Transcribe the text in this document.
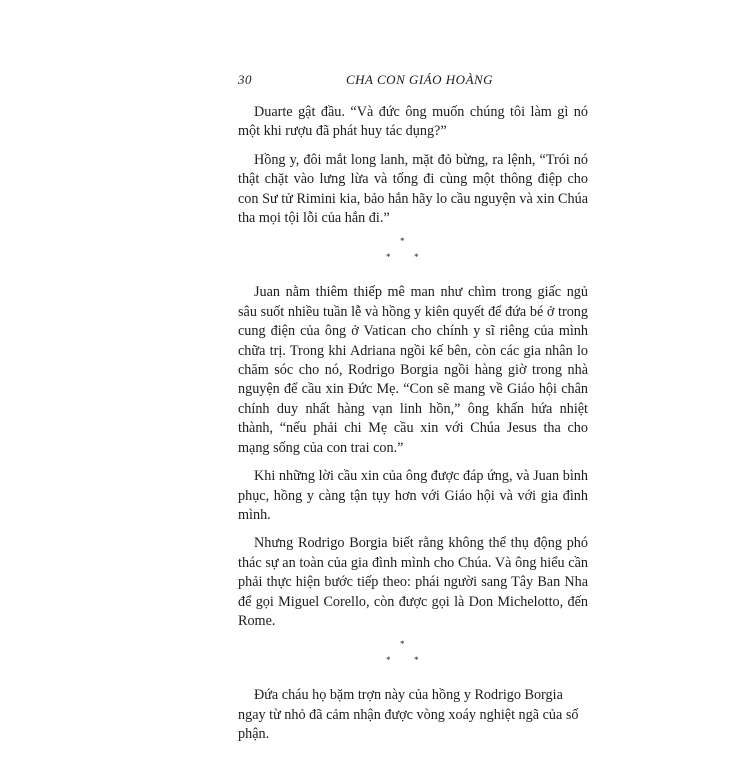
30	CHA CON GIÁO HOÀNG

Duarte gật đầu. “Và đức ông muốn chúng tôi làm gì nó một khi rượu đã phát huy tác dụng?”

Hồng y, đôi mắt long lanh, mặt đỏ bừng, ra lệnh, “Trói nó thật chặt vào lưng lừa và tống đi cùng một thông điệp cho con Sư tử Rimini kia, bảo hắn hãy lo cầu nguyện và xin Chúa tha mọi tội lỗi của hắn đi.”

*
*	*

Juan nằm thiêm thiếp mê man như chìm trong giấc ngủ sâu suốt nhiều tuần lễ và hồng y kiên quyết để đứa bé ở trong cung điện của ông ở Vatican cho chính y sĩ riêng của mình chữa trị. Trong khi Adriana ngồi kế bên, còn các gia nhân lo chăm sóc cho nó, Rodrigo Borgia ngồi hàng giờ trong nhà nguyện để cầu xin Đức Mẹ. “Con sẽ mang về Giáo hội chân chính duy nhất hàng vạn linh hồn,” ông khấn hứa nhiệt thành, “nếu phải chi Mẹ cầu xin với Chúa Jesus tha cho mạng sống của con trai con.”

Khi những lời cầu xin của ông được đáp ứng, và Juan bình phục, hồng y càng tận tụy hơn với Giáo hội và với gia đình mình.

Nhưng Rodrigo Borgia biết rằng không thể thụ động phó thác sự an toàn của gia đình mình cho Chúa. Và ông hiểu cần phải thực hiện bước tiếp theo: phái người sang Tây Ban Nha để gọi Miguel Corello, còn được gọi là Don Michelotto, đến Rome.

*
*	*

Đứa cháu họ bặm trợn này của hồng y Rodrigo Borgia ngay từ nhỏ đã cảm nhận được vòng xoáy nghiệt ngã của số phận.
